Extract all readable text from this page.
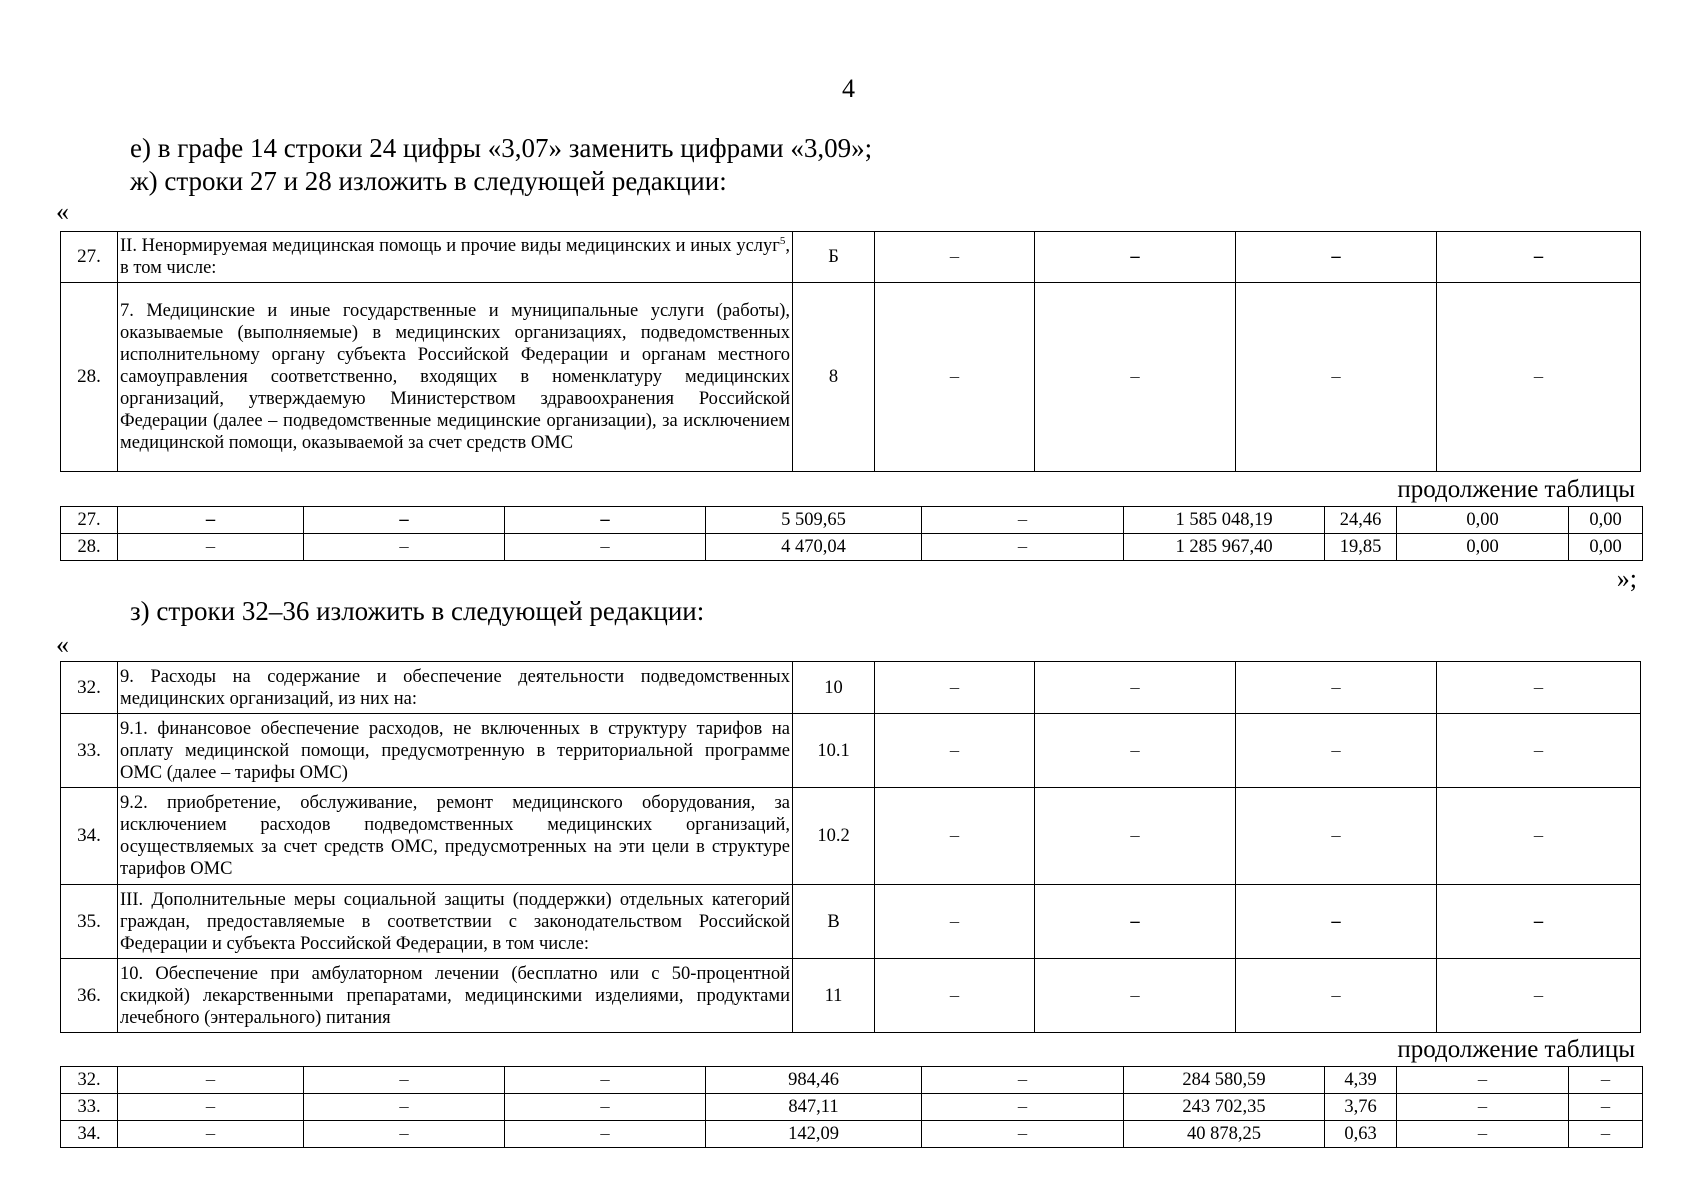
4
е) в графе 14 строки 24 цифры «3,07» заменить цифрами «3,09»;
ж) строки 27 и 28 изложить в следующей редакции:
«
27.	II. Ненормируемая медицинская помощь и прочие виды медицинских и иных услуг$^5$, в том числе:	Б	–	–	–	–
28.	7. Медицинские и иные государственные и муниципальные услуги (работы), оказываемые (выполняемые) в медицинских организациях, подведомственных исполнительному органу субъекта Российской Федерации и органам местного самоуправления соответственно, входящих в номенклатуру медицинских организаций, утверждаемую Министерством здравоохранения Российской Федерации (далее – подведомственные медицинские организации), за исключением медицинской помощи, оказываемой за счет средств ОМС	8	–	–	–	–
продолжение таблицы
27.	–	–	–	5 509,65	–	1 585 048,19	24,46	0,00	0,00
28.	–	–	–	4 470,04	–	1 285 967,40	19,85	0,00	0,00
»;
з) строки 32–36 изложить в следующей редакции:
«
32.	9. Расходы на содержание и обеспечение деятельности подведомственных медицинских организаций, из них на:	10	–	–	–	–
33.	9.1. финансовое обеспечение расходов, не включенных в структуру тарифов на оплату медицинской помощи, предусмотренную в территориальной программе ОМС (далее – тарифы ОМС)	10.1	–	–	–	–
34.	9.2. приобретение, обслуживание, ремонт медицинского оборудования, за исключением расходов подведомственных медицинских организаций, осуществляемых за счет средств ОМС, предусмотренных на эти цели в структуре тарифов ОМС	10.2	–	–	–	–
35.	III. Дополнительные меры социальной защиты (поддержки) отдельных категорий граждан, предоставляемые в соответствии с законодательством Российской Федерации и субъекта Российской Федерации, в том числе:	В	–	–	–	–
36.	10. Обеспечение при амбулаторном лечении (бесплатно или с 50-процентной скидкой) лекарственными препаратами, медицинскими изделиями, продуктами лечебного (энтерального) питания	11	–	–	–	–
продолжение таблицы
32.	–	–	–	984,46	–	284 580,59	4,39	–	–
33.	–	–	–	847,11	–	243 702,35	3,76	–	–
34.	–	–	–	142,09	–	40 878,25	0,63	–	–
